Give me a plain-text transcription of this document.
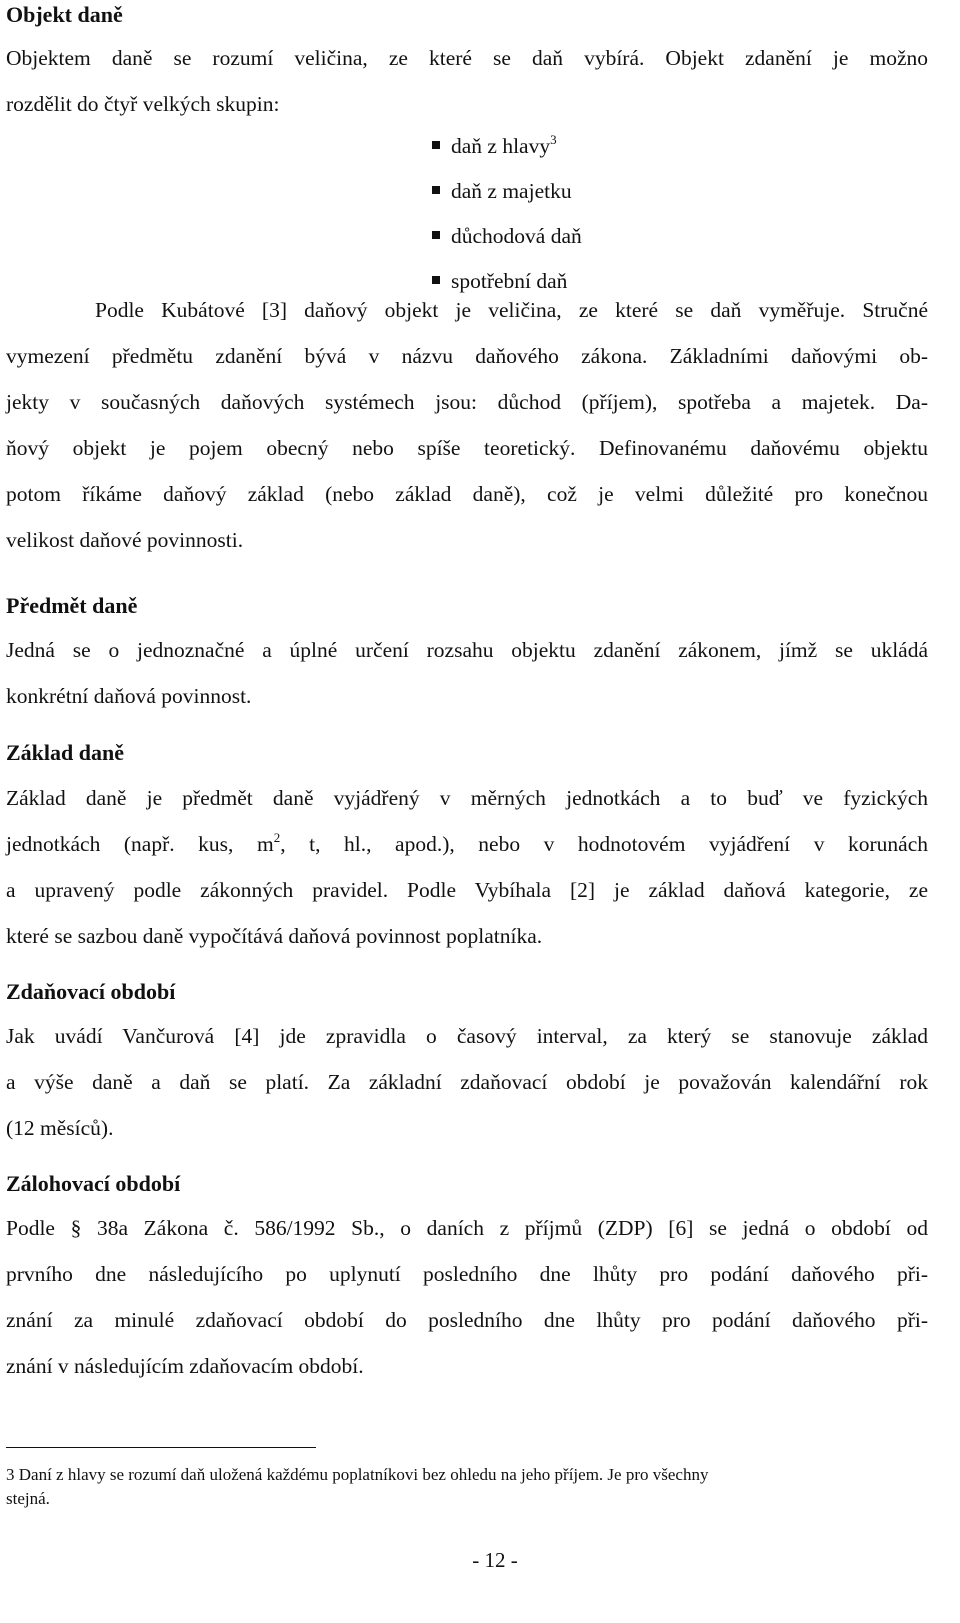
Objekt daně

Objektem daně se rozumí veličina, ze které se daň vybírá. Objekt zdanění je možno

rozdělit do čtyř velkých skupin:

daň z hlavy$^3$

daň z majetku

důchodová daň

spotřební daň

Podle Kubátové [3] daňový objekt je veličina, ze které se daň vyměřuje. Stručné

vymezení předmětu zdanění bývá v názvu daňového zákona. Základními daňovými ob-

jekty v současných daňových systémech jsou: důchod (příjem), spotřeba a majetek. Da-

ňový objekt je pojem obecný nebo spíše teoretický. Definovanému daňovému objektu

potom říkáme daňový základ (nebo základ daně), což je velmi důležité pro konečnou

velikost daňové povinnosti.

Předmět daně

Jedná se o jednoznačné a úplné určení rozsahu objektu zdanění zákonem, jímž se ukládá

konkrétní daňová povinnost.

Základ daně

Základ daně je předmět daně vyjádřený v měrných jednotkách a to buď ve fyzických

jednotkách (např. kus, $m^2$, t, hl., apod.), nebo v hodnotovém vyjádření v korunách

a upravený podle zákonných pravidel. Podle Vybíhala [2] je základ daňová kategorie, ze

které se sazbou daně vypočítává daňová povinnost poplatníka.

Zdaňovací období

Jak uvádí Vančurová [4] jde zpravidla o časový interval, za který se stanovuje základ

a výše daně a daň se platí. Za základní zdaňovací období je považován kalendářní rok

(12 měsíců).

Zálohovací období

Podle § 38a Zákona č. 586/1992 Sb., o daních z příjmů (ZDP) [6] se jedná o období od

prvního dne následujícího po uplynutí posledního dne lhůty pro podání daňového při-

znání za minulé zdaňovací období do posledního dne lhůty pro podání daňového při-

znání v následujícím zdaňovacím období.

3 Daní z hlavy se rozumí daň uložená každému poplatníkovi bez ohledu na jeho příjem. Je pro všechny

stejná.

- 12 -
